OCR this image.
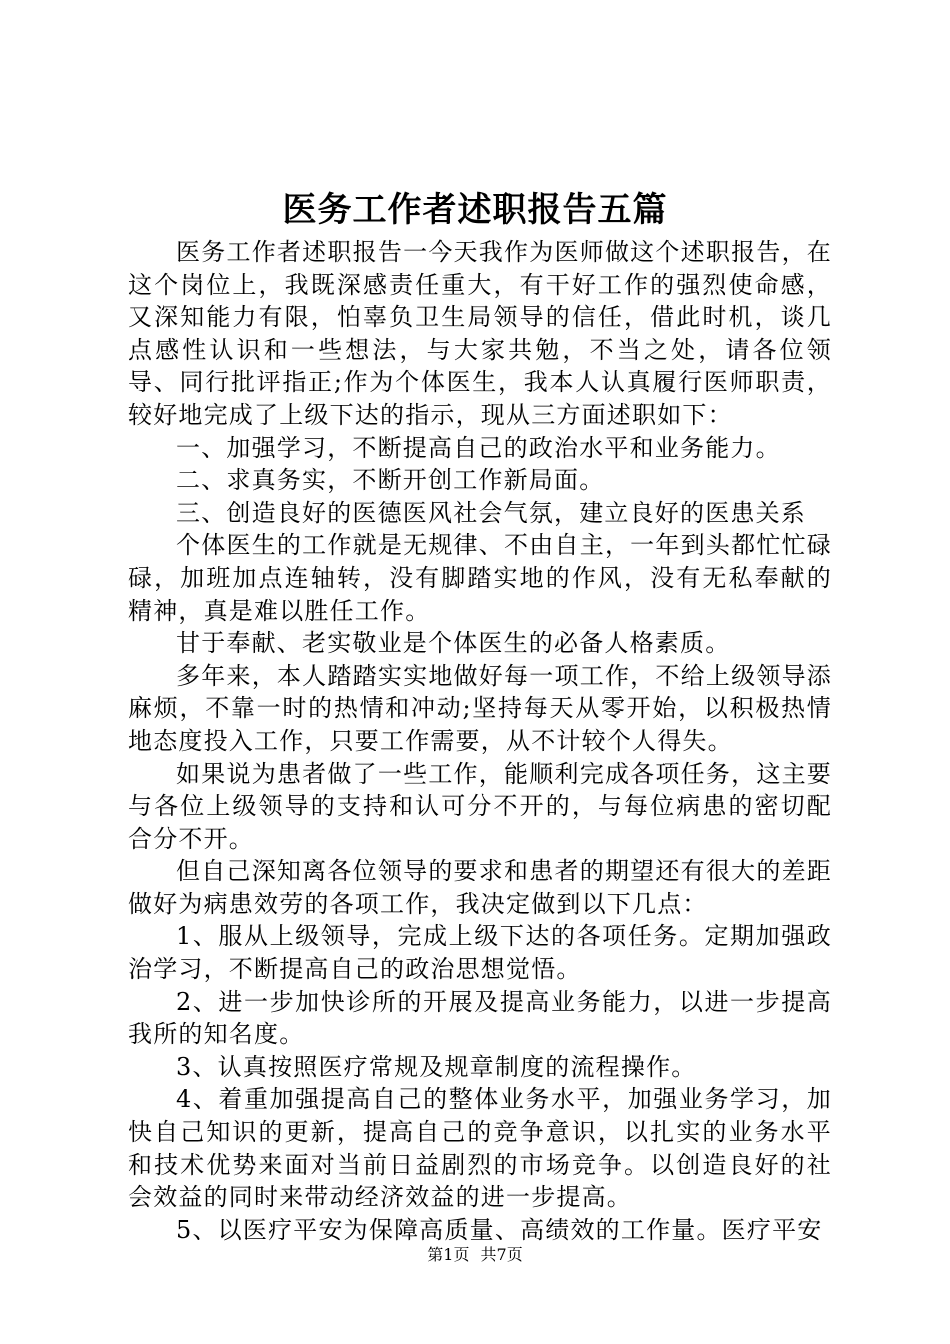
医务工作者述职报告五篇

医务工作者述职报告一今天我作为医师做这个述职报告，在这个岗位上，我既深感责任重大，有干好工作的强烈使命感，又深知能力有限，怕辜负卫生局领导的信任，借此时机，谈几点感性认识和一些想法，与大家共勉，不当之处，请各位领导、同行批评指正;作为个体医生，我本人认真履行医师职责，较好地完成了上级下达的指示，现从三方面述职如下：

一、加强学习，不断提高自己的政治水平和业务能力。

二、求真务实，不断开创工作新局面。

三、创造良好的医德医风社会气氛，建立良好的医患关系

个体医生的工作就是无规律、不由自主，一年到头都忙忙碌碌，加班加点连轴转，没有脚踏实地的作风，没有无私奉献的精神，真是难以胜任工作。

甘于奉献、老实敬业是个体医生的必备人格素质。

多年来，本人踏踏实实地做好每一项工作，不给上级领导添麻烦，不靠一时的热情和冲动;坚持每天从零开始，以积极热情地态度投入工作，只要工作需要，从不计较个人得失。

如果说为患者做了一些工作，能顺利完成各项任务，这主要与各位上级领导的支持和认可分不开的，与每位病患的密切配合分不开。

但自己深知离各位领导的要求和患者的期望还有很大的差距做好为病患效劳的各项工作，我决定做到以下几点：

1、服从上级领导，完成上级下达的各项任务。定期加强政治学习，不断提高自己的政治思想觉悟。

2、进一步加快诊所的开展及提高业务能力，以进一步提高我所的知名度。

3、认真按照医疗常规及规章制度的流程操作。

4、着重加强提高自己的整体业务水平，加强业务学习，加快自己知识的更新，提高自己的竞争意识，以扎实的业务水平和技术优势来面对当前日益剧烈的市场竞争。以创造良好的社会效益的同时来带动经济效益的进一步提高。

5、以医疗平安为保障高质量、高绩效的工作量。医疗平安

第1页 共7页
